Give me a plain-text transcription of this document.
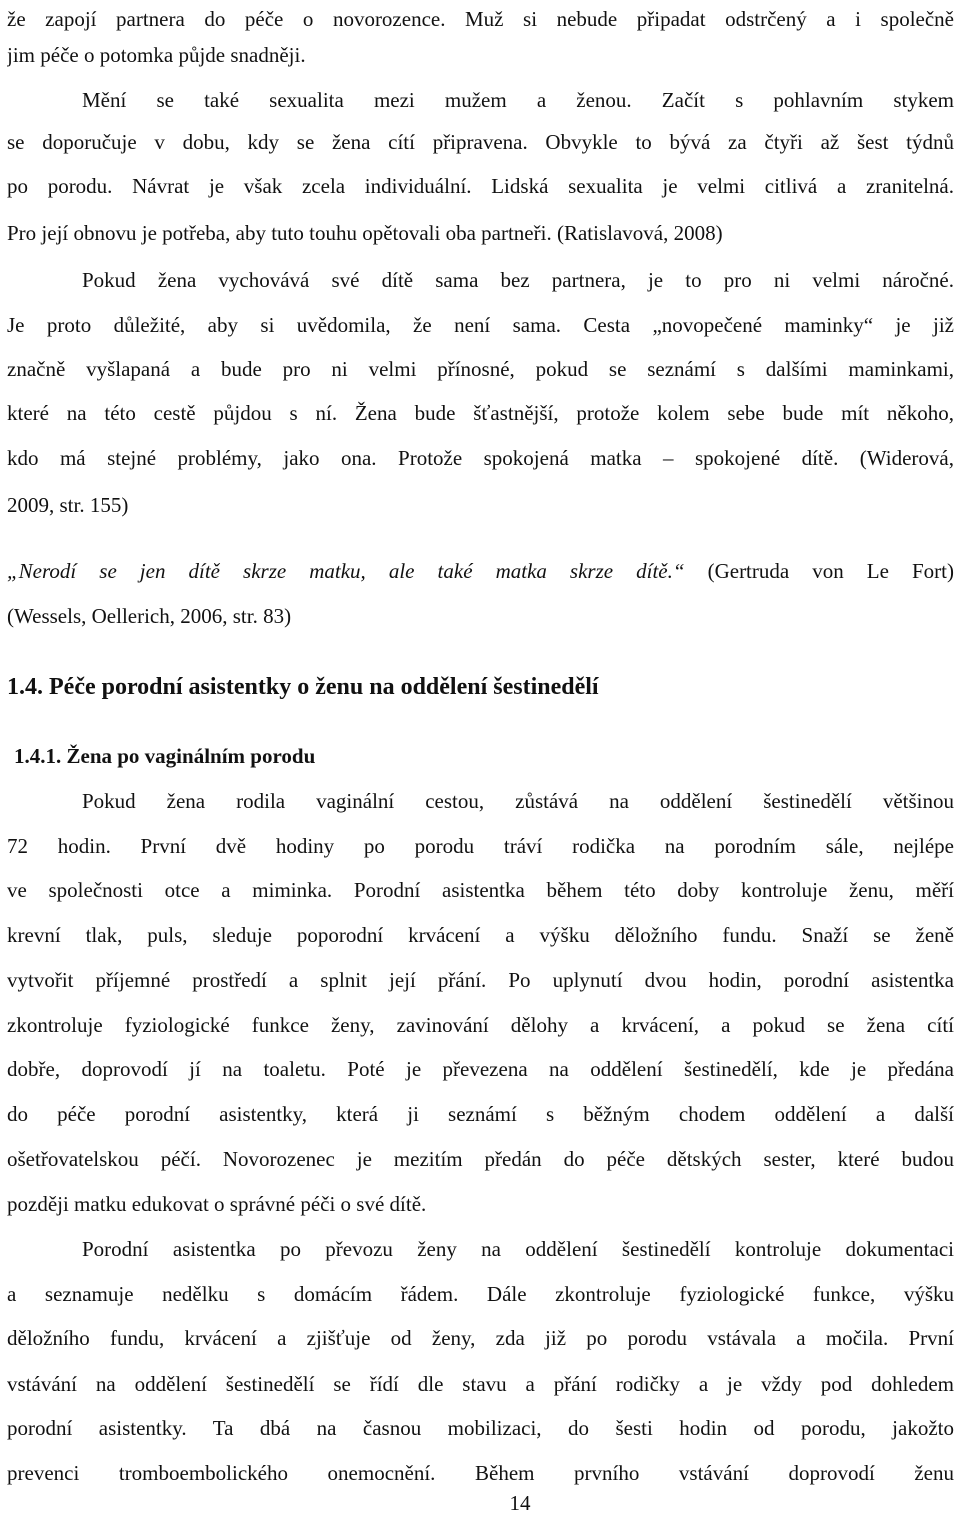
že zapojí partnera do péče o novorozence. Muž si nebude připadat odstrčený a i společně
jim péče o potomka půjde snadněji.
Mění se také sexualita mezi mužem a ženou. Začít s pohlavním stykem
se doporučuje v dobu, kdy se žena cítí připravena. Obvykle to bývá za čtyři až šest týdnů
po porodu. Návrat je však zcela individuální. Lidská sexualita je velmi citlivá a zranitelná.
Pro její obnovu je potřeba, aby tuto touhu opětovali oba partneři. (Ratislavová, 2008)
Pokud žena vychovává své dítě sama bez partnera, je to pro ni velmi náročné.
Je proto důležité, aby si uvědomila, že není sama. Cesta „novopečené maminky“ je již
značně vyšlapaná a bude pro ni velmi přínosné, pokud se seznámí s dalšími maminkami,
které na této cestě půjdou s ní. Žena bude šťastnější, protože kolem sebe bude mít někoho,
kdo má stejné problémy, jako ona. Protože spokojená matka – spokojené dítě. (Widerová,
2009, str. 155)
„Nerodí se jen dítě skrze matku, ale také matka skrze dítě.“ (Gertruda von Le Fort)
(Wessels, Oellerich, 2006, str. 83)
1.4. Péče porodní asistentky o ženu na oddělení šestinedělí
1.4.1. Žena po vaginálním porodu
Pokud žena rodila vaginální cestou, zůstává na oddělení šestinedělí většinou
72 hodin. První dvě hodiny po porodu tráví rodička na porodním sále, nejlépe
ve společnosti otce a miminka. Porodní asistentka během této doby kontroluje ženu, měří
krevní tlak, puls, sleduje poporodní krvácení a výšku děložního fundu. Snaží se ženě
vytvořit příjemné prostředí a splnit její přání. Po uplynutí dvou hodin, porodní asistentka
zkontroluje fyziologické funkce ženy, zavinování dělohy a krvácení, a pokud se žena cítí
dobře, doprovodí jí na toaletu. Poté je převezena na oddělení šestinedělí, kde je předána
do péče porodní asistentky, která ji seznámí s běžným chodem oddělení a další
ošetřovatelskou péčí. Novorozenec je mezitím předán do péče dětských sester, které budou
později matku edukovat o správné péči o své dítě.
Porodní asistentka po převozu ženy na oddělení šestinedělí kontroluje dokumentaci
a seznamuje nedělku s domácím řádem. Dále zkontroluje fyziologické funkce, výšku
děložního fundu, krvácení a zjišťuje od ženy, zda již po porodu vstávala a močila. První
vstávání na oddělení šestinedělí se řídí dle stavu a přání rodičky a je vždy pod dohledem
porodní asistentky. Ta dbá na časnou mobilizaci, do šesti hodin od porodu, jakožto
prevenci tromboembolického onemocnění. Během prvního vstávání doprovodí ženu
14
